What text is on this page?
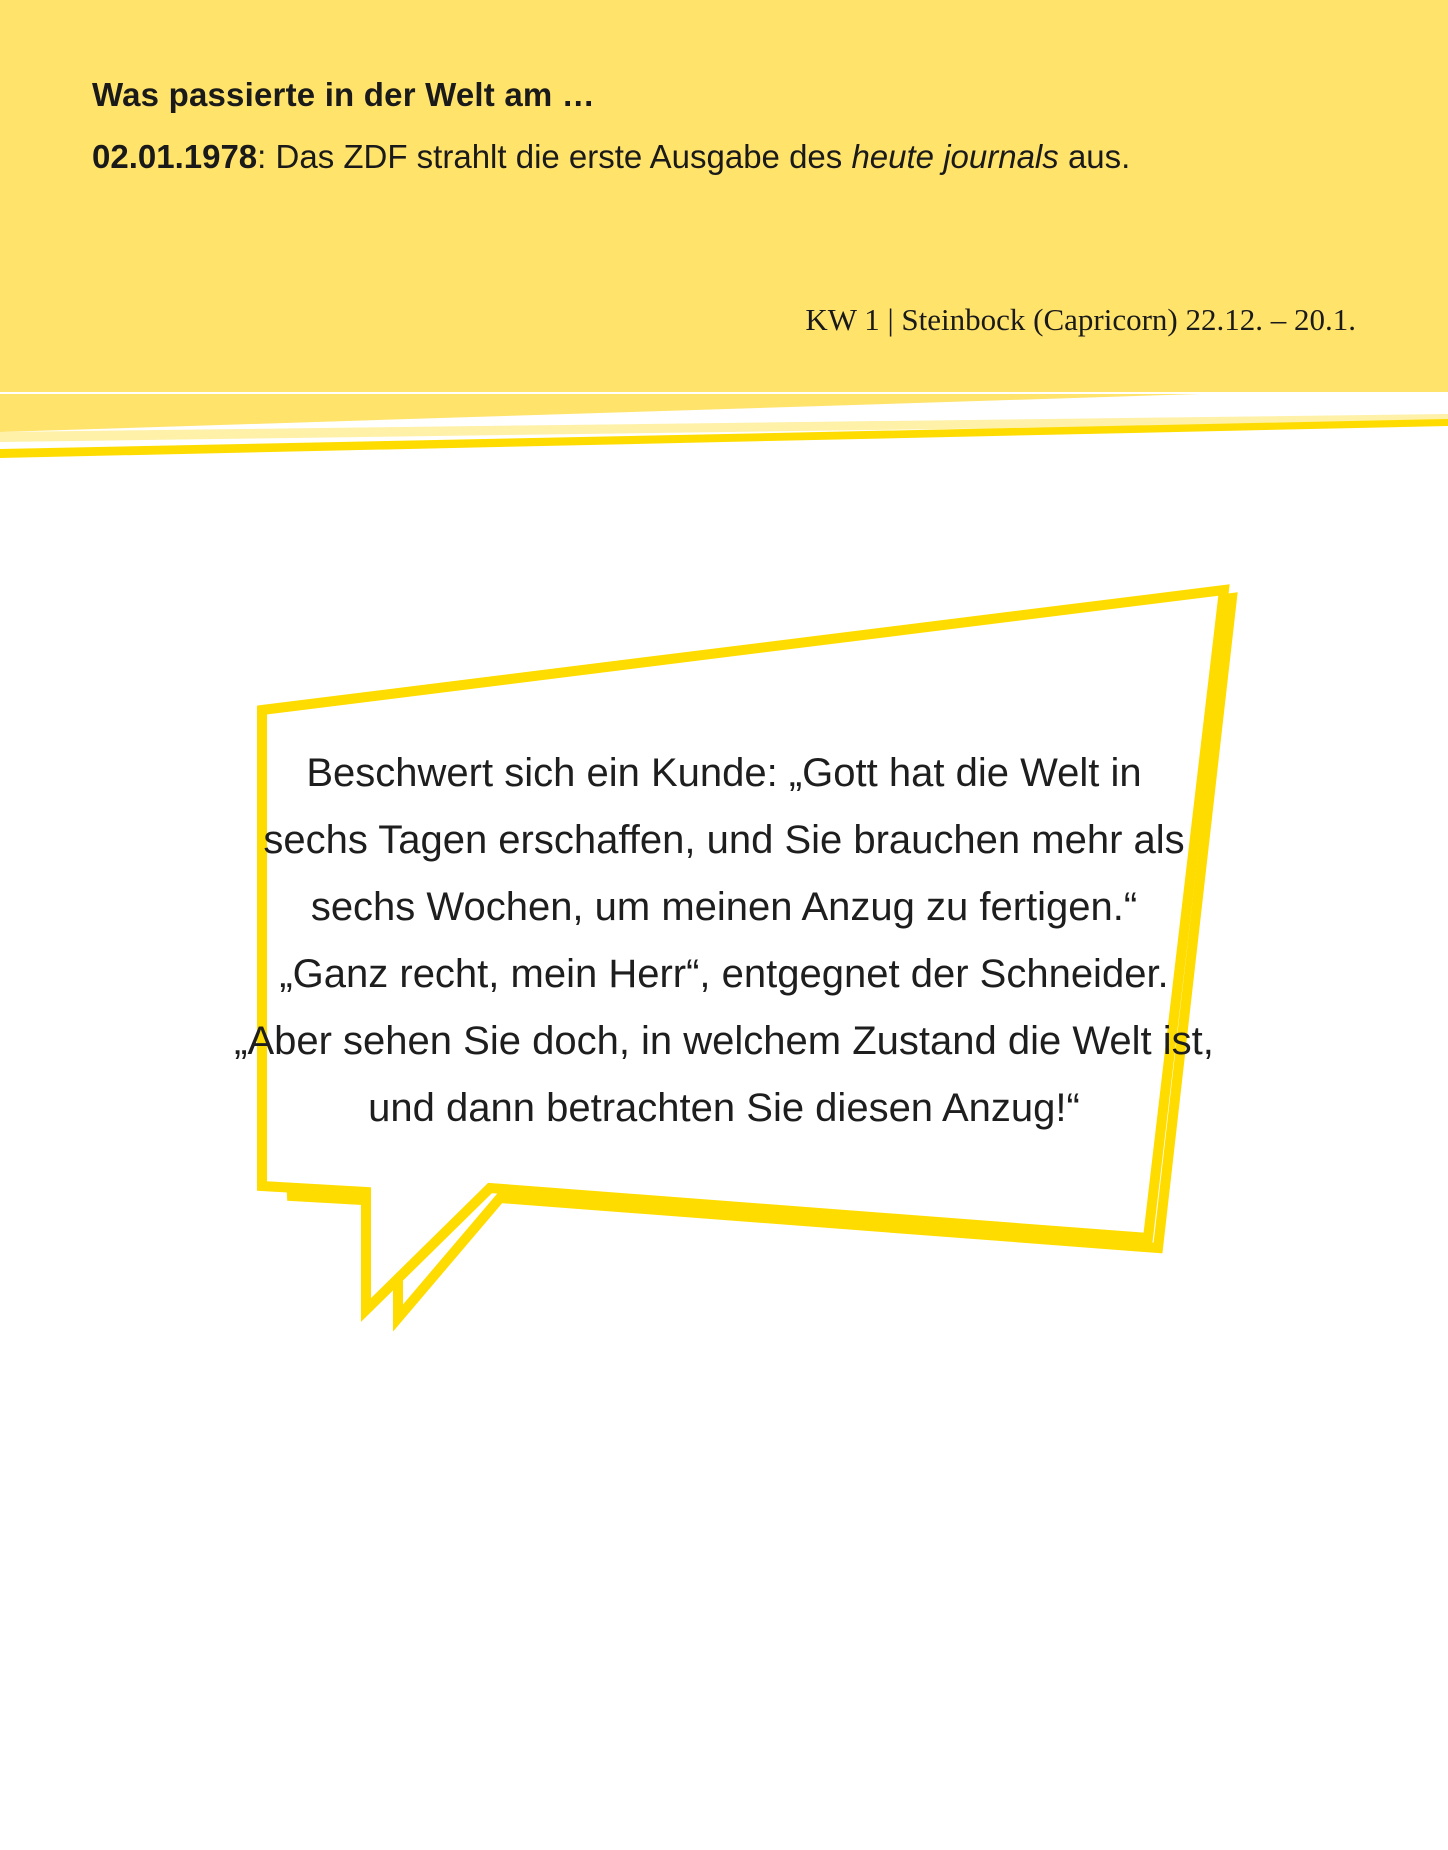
Was passierte in der Welt am …
02.01.1978: Das ZDF strahlt die erste Ausgabe des heute journals aus.
KW 1 | Steinbock (Capricorn) 22.12. – 20.1.
Beschwert sich ein Kunde: „Gott hat die Welt in
sechs Tagen erschaffen, und Sie brauchen mehr als
sechs Wochen, um meinen Anzug zu fertigen.“
„Ganz recht, mein Herr“, entgegnet der Schneider.
„Aber sehen Sie doch, in welchem Zustand die Welt ist,
und dann betrachten Sie diesen Anzug!“
